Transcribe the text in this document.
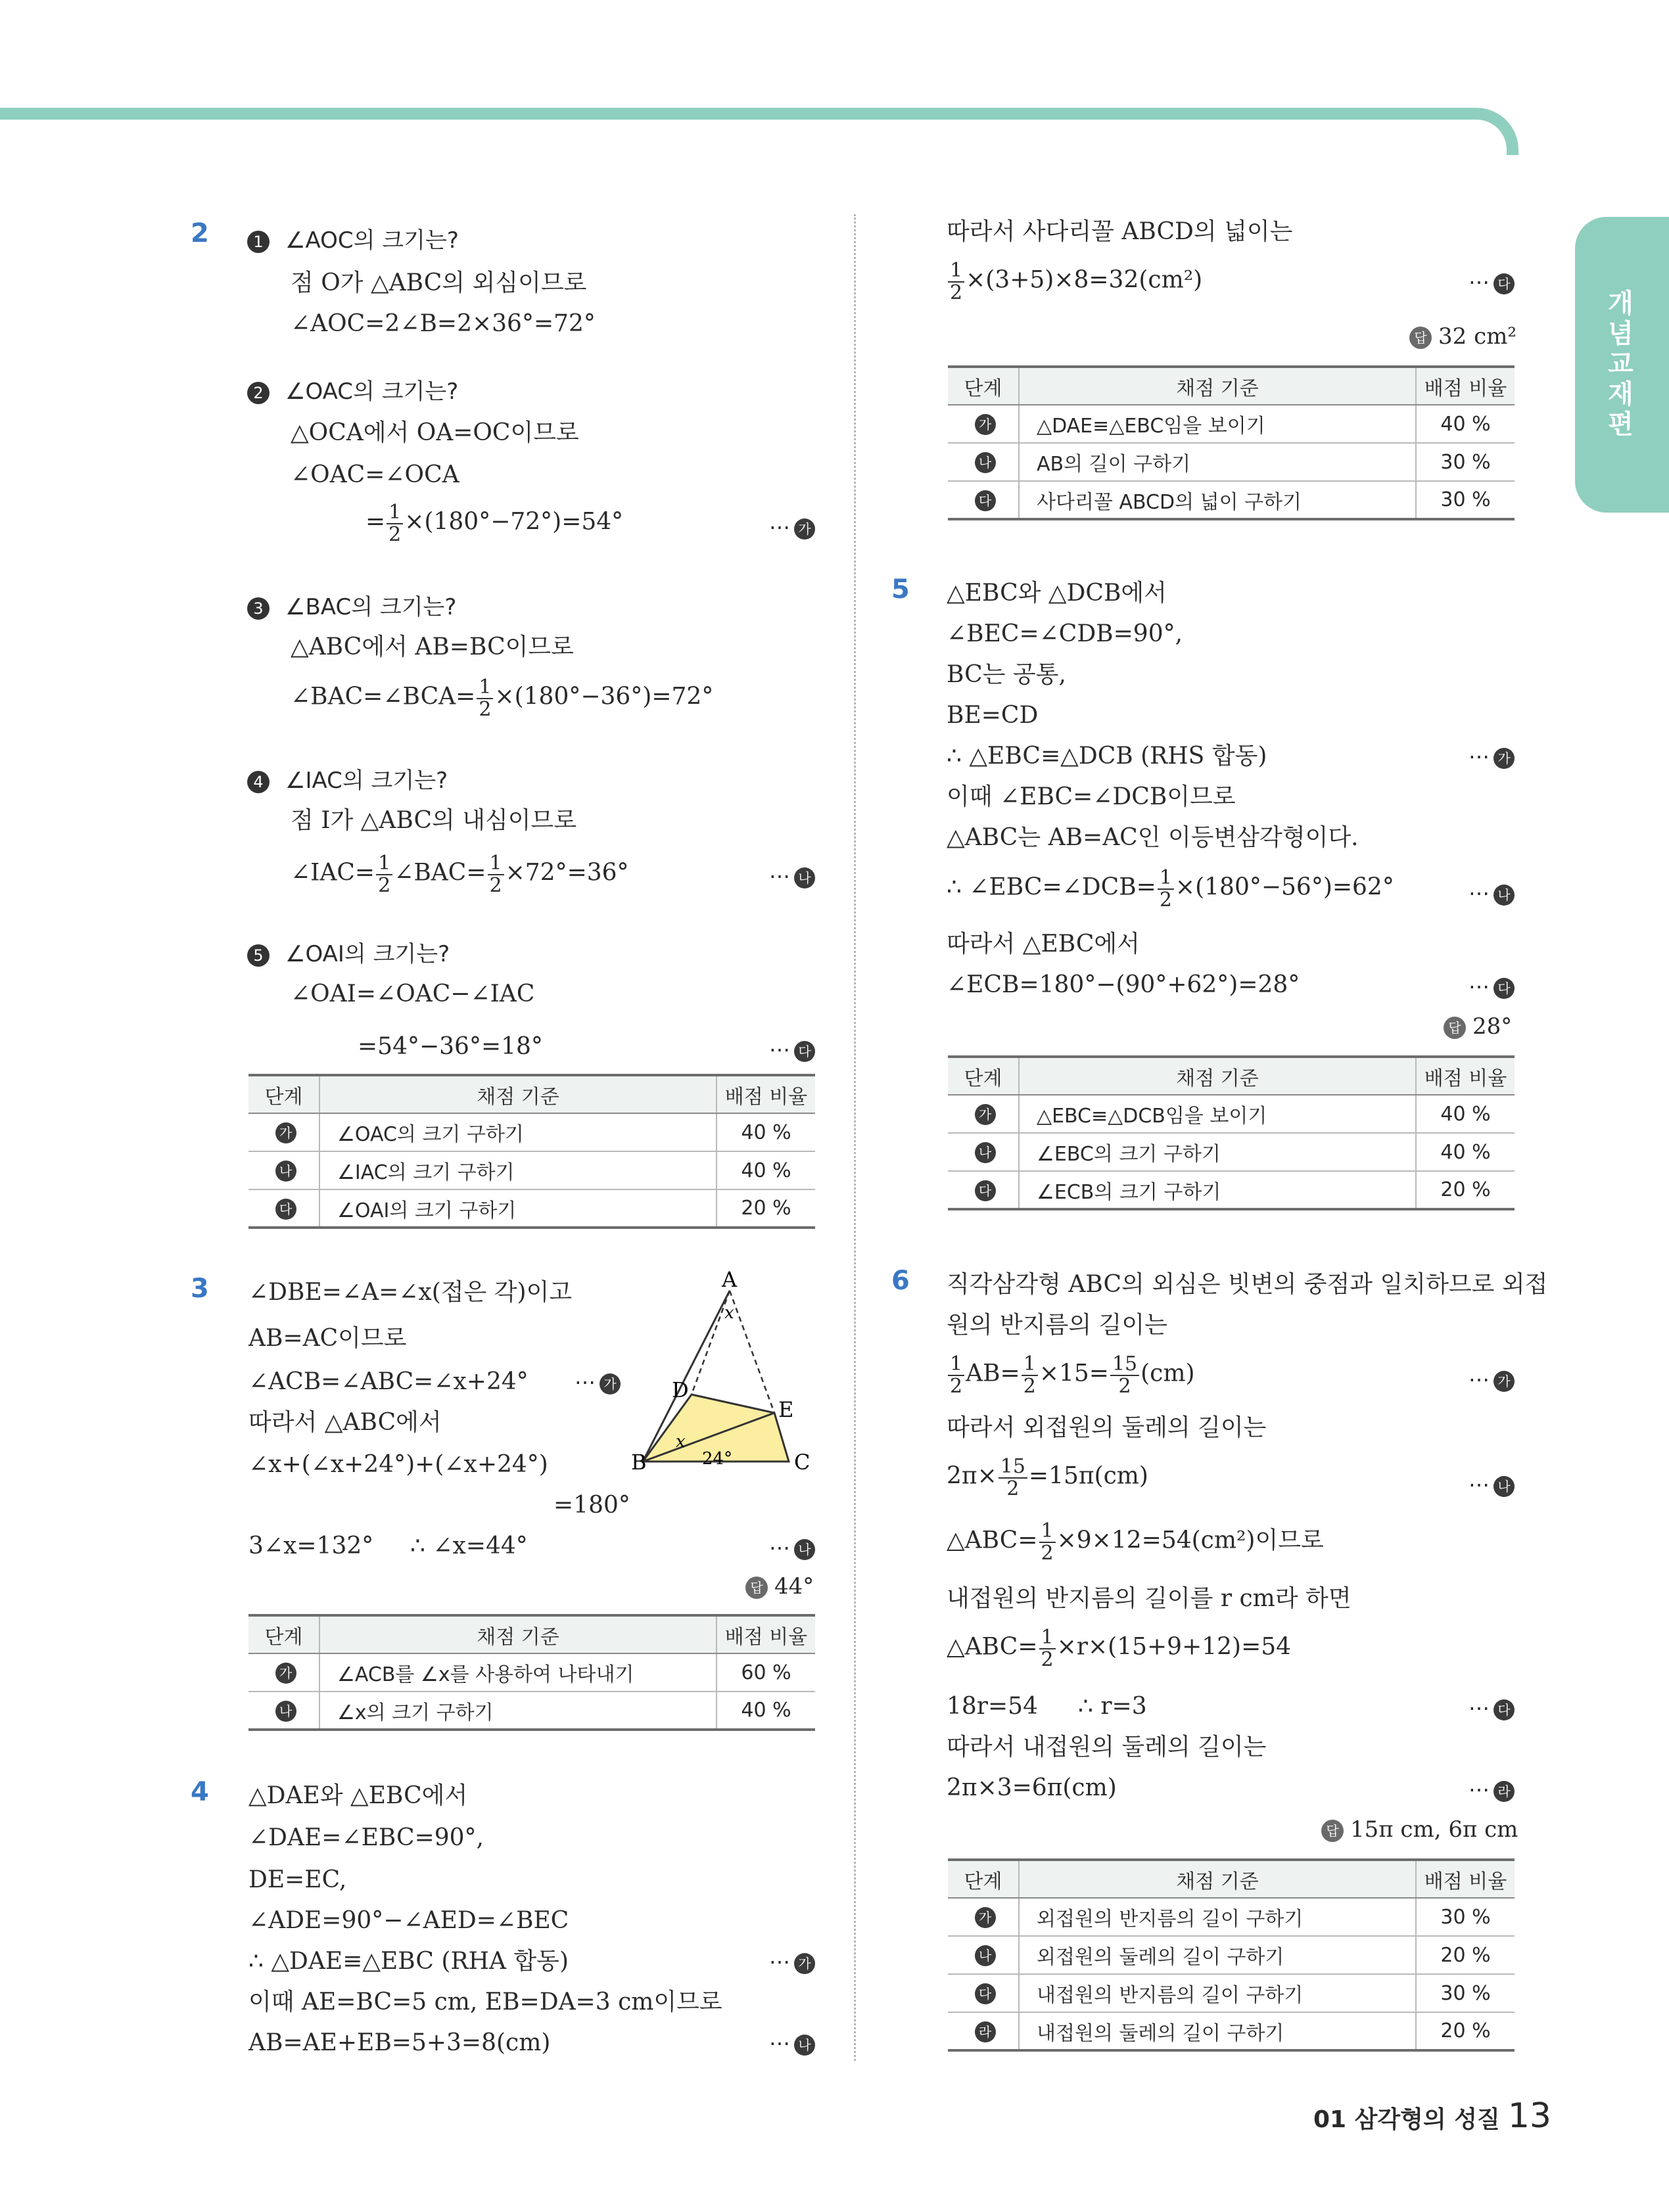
개념교재편
2	1 ∠AOC의 크기는?
점 O가 △ABC의 외심이므로
∠AOC=2∠B=2×36°=72°
2 ∠OAC의 크기는?
△OCA에서 OA=OC이므로
∠OAC=∠OCA
= $\frac{1}{2} \times(180^\circ-72^\circ)=54^\circ$	⋯ 가
3 ∠BAC의 크기는?
△ABC에서 AB=BC이므로
∠BAC=∠BCA= $\frac{1}{2} \times(180^\circ-36^\circ)=72^\circ$
4 ∠IAC의 크기는?
점 I가 △ABC의 내심이므로
∠IAC= $\frac{1}{2}$ ∠BAC= $\frac{1}{2} \times 72^\circ=36^\circ$	⋯ 나
5 ∠OAI의 크기는?
∠OAI=∠OAC−∠IAC
=54°−36°=18°	⋯ 다
단계	채점 기준	배점 비율
가	∠OAC의 크기 구하기	40 %
나	∠IAC의 크기 구하기	40 %
다	∠OAI의 크기 구하기	20 %
3 ∠DBE=∠A=∠x(접은 각)이고
AB=AC이므로
∠ACB=∠ABC=∠x+24° ⋯ 가
따라서 △ABC에서
∠x+(∠x+24°)+(∠x+24°)
=180°
3∠x=132° ∴ ∠x=44°	⋯ 나
답 44°
A
x
D
E
B	C
x
24°
단계	채점 기준	배점 비율
가	∠ACB를 ∠x를 사용하여 나타내기	60 %
나	∠x의 크기 구하기	40 %
4 △DAE와 △EBC에서
∠DAE=∠EBC=90°,
DE=EC,
∠ADE=90°−∠AED=∠BEC
∴ △DAE≡△EBC (RHA 합동)	⋯ 가
이때 AE=BC=5 cm, EB=DA=3 cm이므로
AB=AE+EB=5+3=8(cm)	⋯ 나
따라서 사다리꼴 ABCD의 넓이는
$\frac{1}{2} \times(3+5)\times 8=32(cm^2)$	⋯ 다
답 32 cm²
단계	채점 기준	배점 비율
가	△DAE≡△EBC임을 보이기	40 %
나	AB의 길이 구하기	30 %
다	사다리꼴 ABCD의 넓이 구하기	30 %
5 △EBC와 △DCB에서
∠BEC=∠CDB=90°,
BC는 공통,
BE=CD
∴ △EBC≡△DCB (RHS 합동)	⋯ 가
이때 ∠EBC=∠DCB이므로
△ABC는 AB=AC인 이등변삼각형이다.
∴ ∠EBC=∠DCB= $\frac{1}{2} \times(180^\circ-56^\circ)=62^\circ$	⋯ 나
따라서 △EBC에서
∠ECB=180°−(90°+62°)=28°	⋯ 다
답 28°
단계	채점 기준	배점 비율
가	△EBC≡△DCB임을 보이기	40 %
나	∠EBC의 크기 구하기	40 %
다	∠ECB의 크기 구하기	20 %
6 직각삼각형 ABC의 외심은 빗변의 중점과 일치하므로 외접
원의 반지름의 길이는
$\frac{1}{2} AB= \frac{1}{2} \times 15= \frac{15}{2} (cm)$	⋯ 가
따라서 외접원의 둘레의 길이는
$2\pi\times \frac{15}{2} =15\pi(cm)$	⋯ 나
△ABC= $\frac{1}{2} \times 9\times 12=54(cm^2)$이므로
내접원의 반지름의 길이를 r cm라 하면
△ABC= $\frac{1}{2} \times r\times(15+9+12)=54$
18r=54 ∴ r=3	⋯ 다
따라서 내접원의 둘레의 길이는
2π×3=6π(cm)	⋯ 라
답 15π cm, 6π cm
단계	채점 기준	배점 비율
가	외접원의 반지름의 길이 구하기	30 %
나	외접원의 둘레의 길이 구하기	20 %
다	내접원의 반지름의 길이 구하기	30 %
라	내접원의 둘레의 길이 구하기	20 %
01 삼각형의 성질 13
